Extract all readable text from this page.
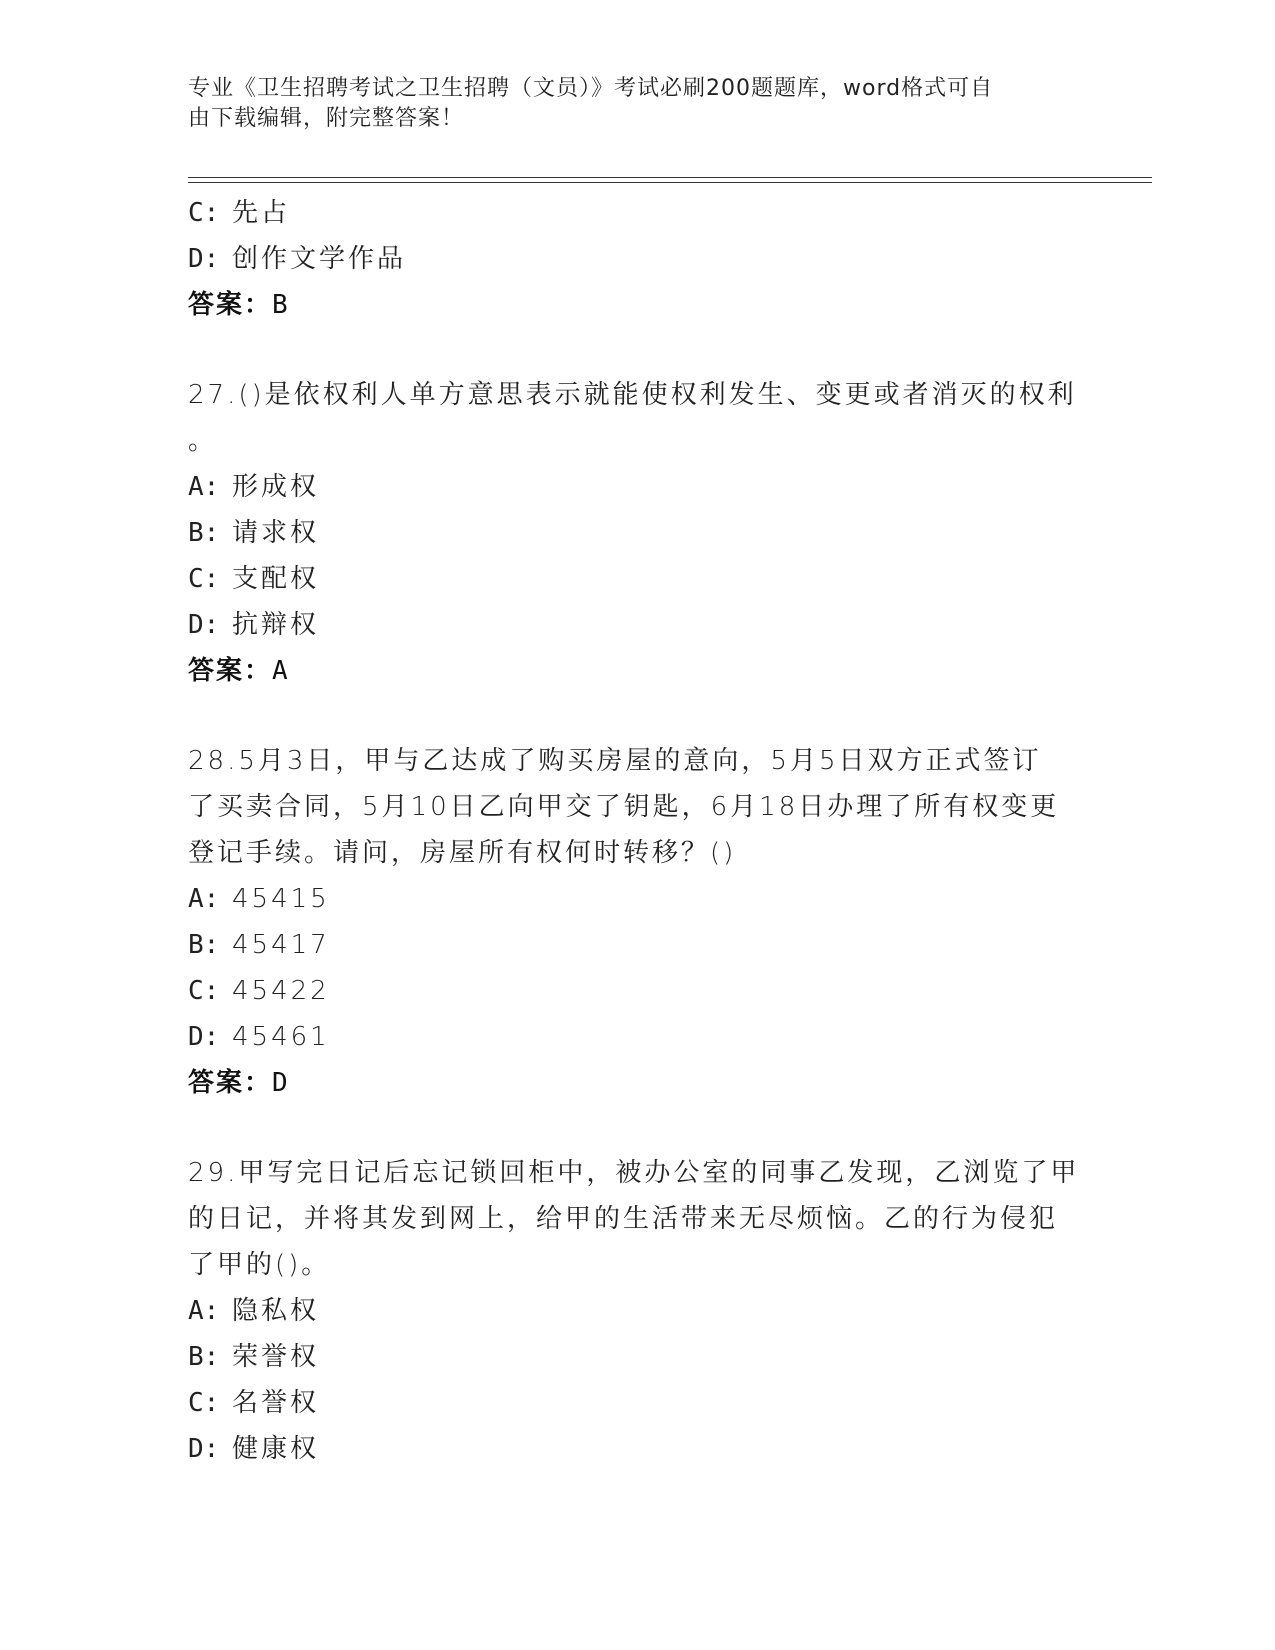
专业《卫生招聘考试之卫生招聘（文员）》考试必刷200题题库，word格式可自
由下载编辑，附完整答案！
C: 先占
D: 创作文学作品
答案：B
27.()是依权利人单方意思表示就能使权利发生、变更或者消灭的权利
。
A: 形成权
B: 请求权
C: 支配权
D: 抗辩权
答案：A
28.5月3日，甲与乙达成了购买房屋的意向，5月5日双方正式签订
了买卖合同，5月10日乙向甲交了钥匙，6月18日办理了所有权变更
登记手续。请问，房屋所有权何时转移？()
A: 45415
B: 45417
C: 45422
D: 45461
答案：D
29.甲写完日记后忘记锁回柜中，被办公室的同事乙发现，乙浏览了甲
的日记，并将其发到网上，给甲的生活带来无尽烦恼。乙的行为侵犯
了甲的()。
A: 隐私权
B: 荣誉权
C: 名誉权
D: 健康权
